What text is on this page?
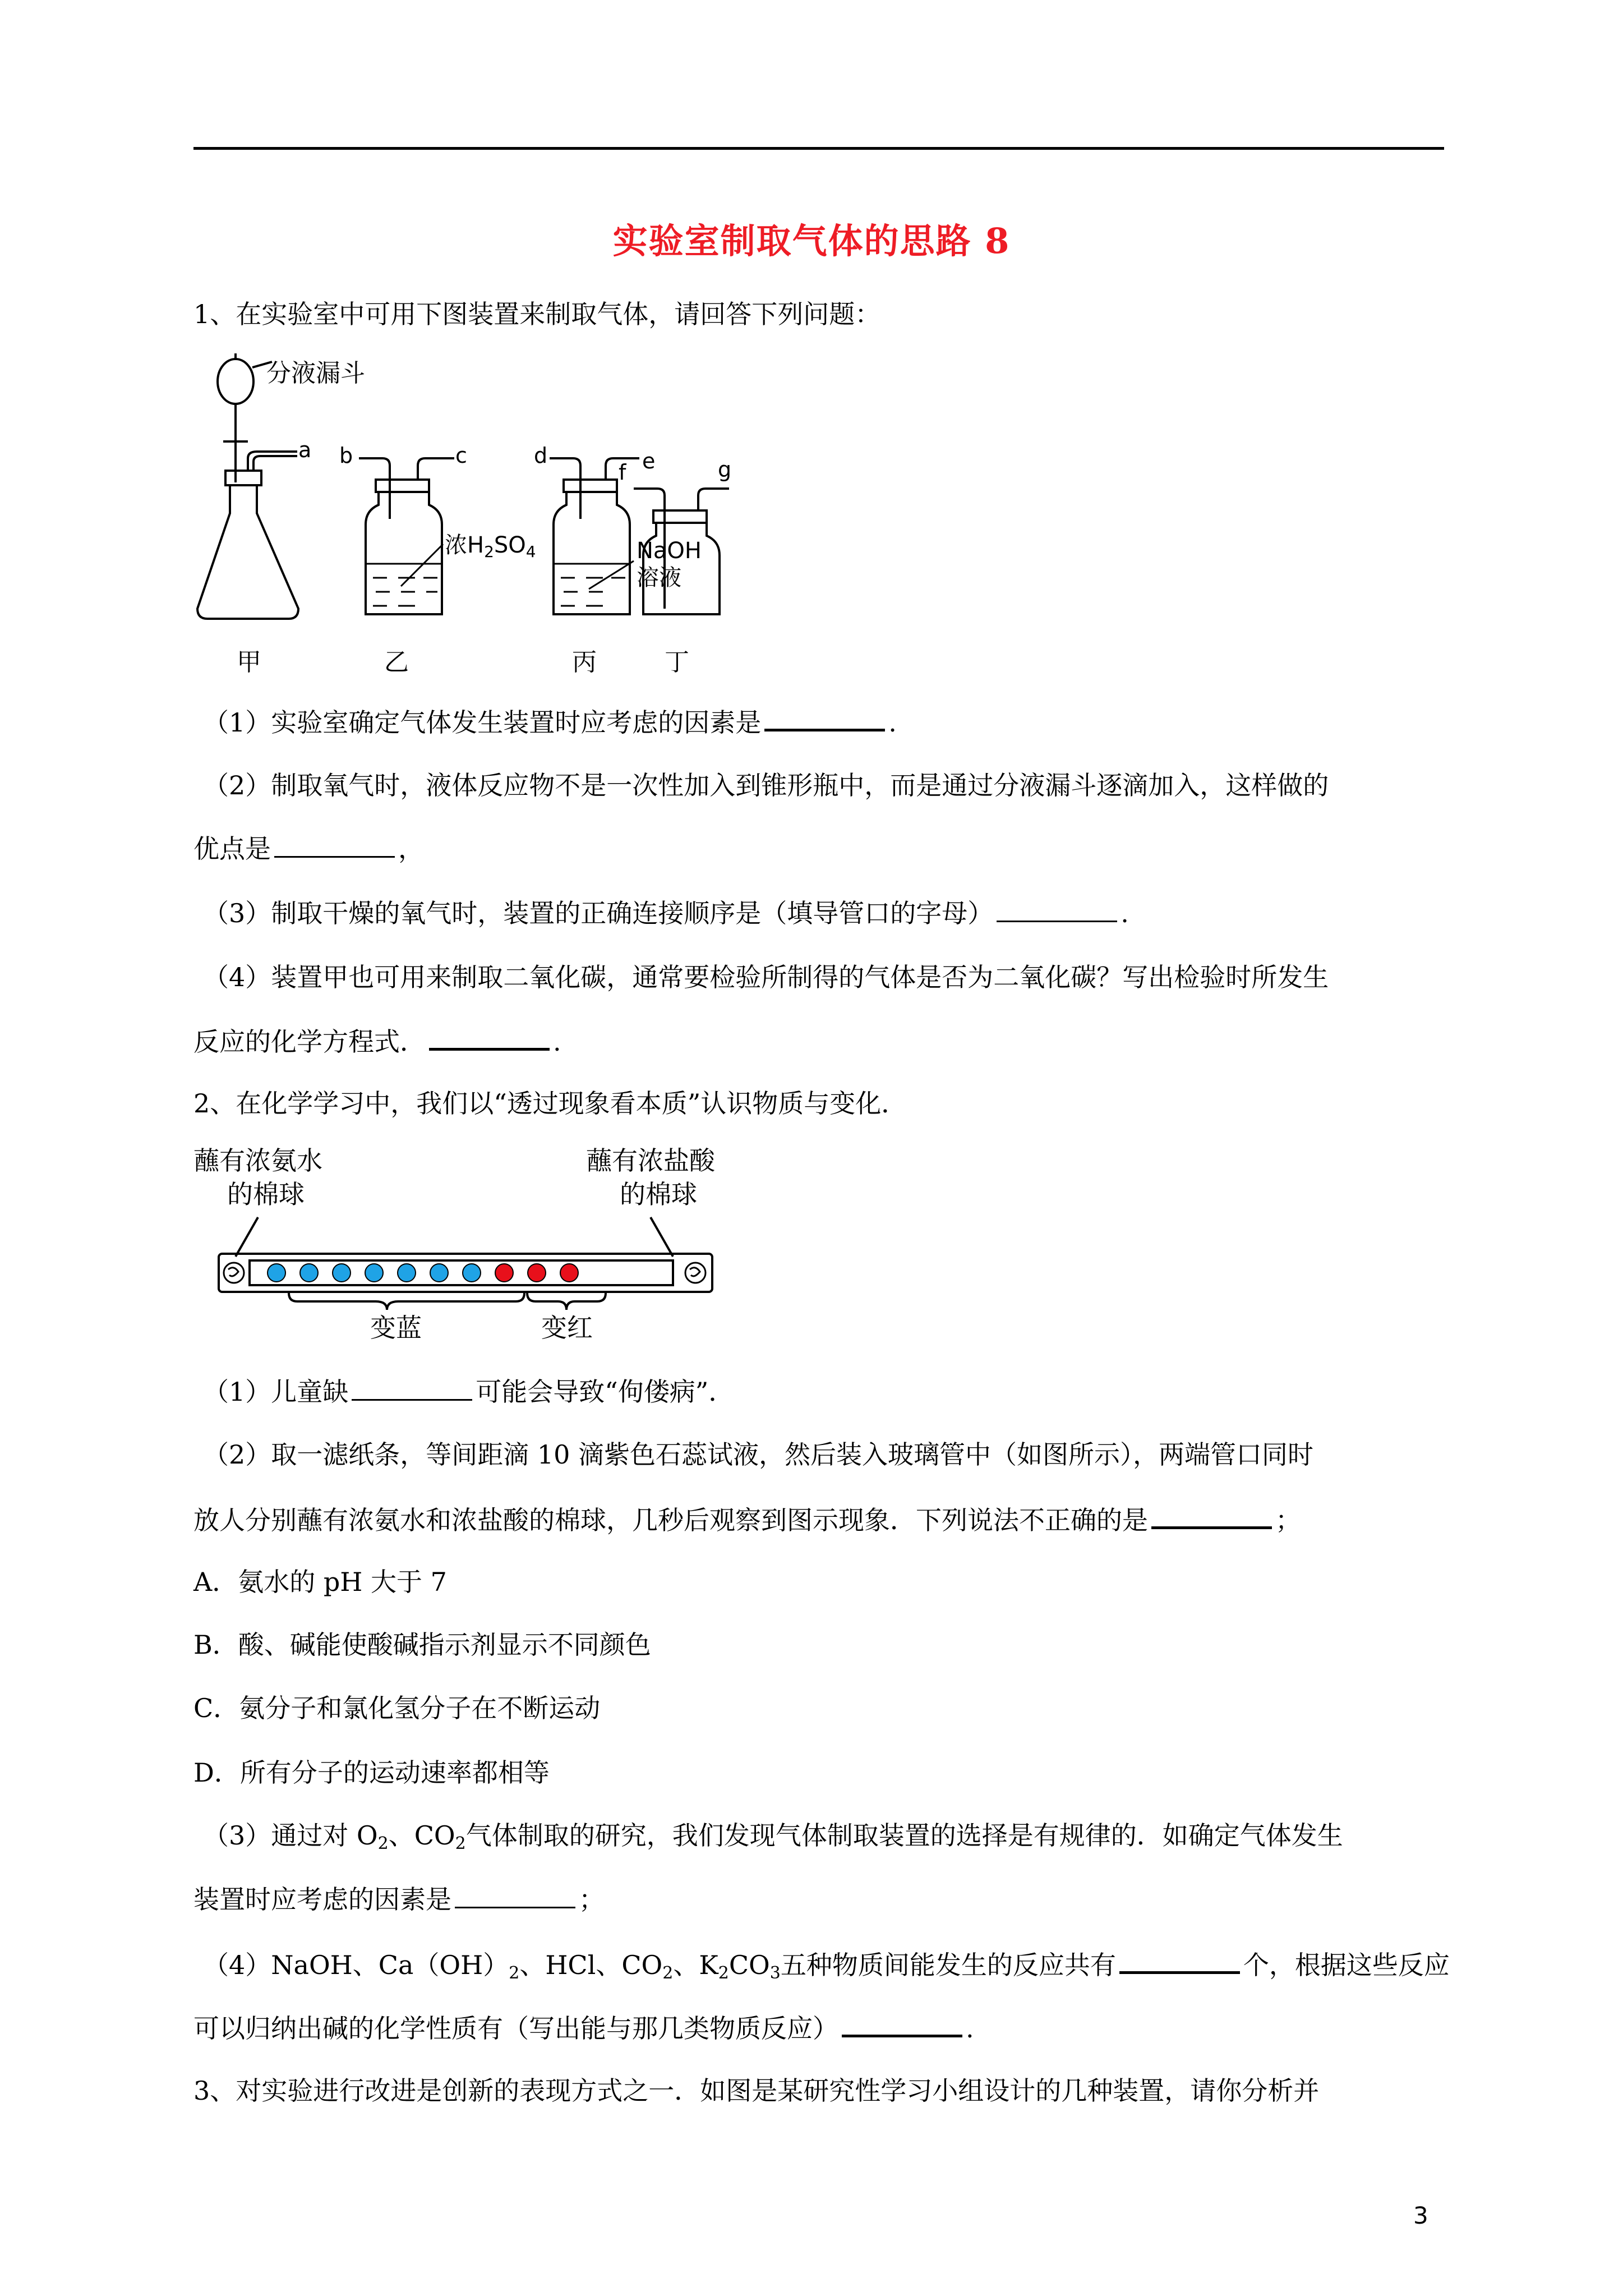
实验室制取气体的思路 8
1、在实验室中可用下图装置来制取气体，请回答下列问题：
分液漏斗
a b	c	d	e
f	g
浓$H_2SO_4$	NaOH
溶液
甲	乙	丙	丁
（1）实验室确定气体发生装置时应考虑的因素是	.
（2）制取氧气时，液体反应物不是一次性加入到锥形瓶中，而是通过分液漏斗逐滴加入，这样做的
优点是	，
（3）制取干燥的氧气时，装置的正确连接顺序是（填导管口的字母）	.
（4）装置甲也可用来制取二氧化碳，通常要检验所制得的气体是否为二氧化碳？写出检验时所发生
反应的化学方程式．	.
2、在化学学习中，我们以“透过现象看本质”认识物质与变化．
蘸有浓氨水
的棉球
蘸有浓盐酸
的棉球
变蓝	变红
（1）儿童缺	可能会导致“佝偻病”．
（2）取一滤纸条，等间距滴 10 滴紫色石蕊试液，然后装入玻璃管中（如图所示），两端管口同时
放人分别蘸有浓氨水和浓盐酸的棉球，几秒后观察到图示现象．下列说法不正确的是	；
A．氨水的 pH 大于 7
B．酸、碱能使酸碱指示剂显示不同颜色
C．氨分子和氯化氢分子在不断运动
D．所有分子的运动速率都相等
（3）通过对 $O_2$、$CO_2$气体制取的研究，我们发现气体制取装置的选择是有规律的．如确定气体发生
装置时应考虑的因素是	；
（4）NaOH、$Ca(OH)_2$、HCl、$CO_2$、$K_2CO_3$五种物质间能发生的反应共有	个，根据这些反应
可以归纳出碱的化学性质有（写出能与那几类物质反应）	.
3、对实验进行改进是创新的表现方式之一．如图是某研究性学习小组设计的几种装置，请你分析并
3
